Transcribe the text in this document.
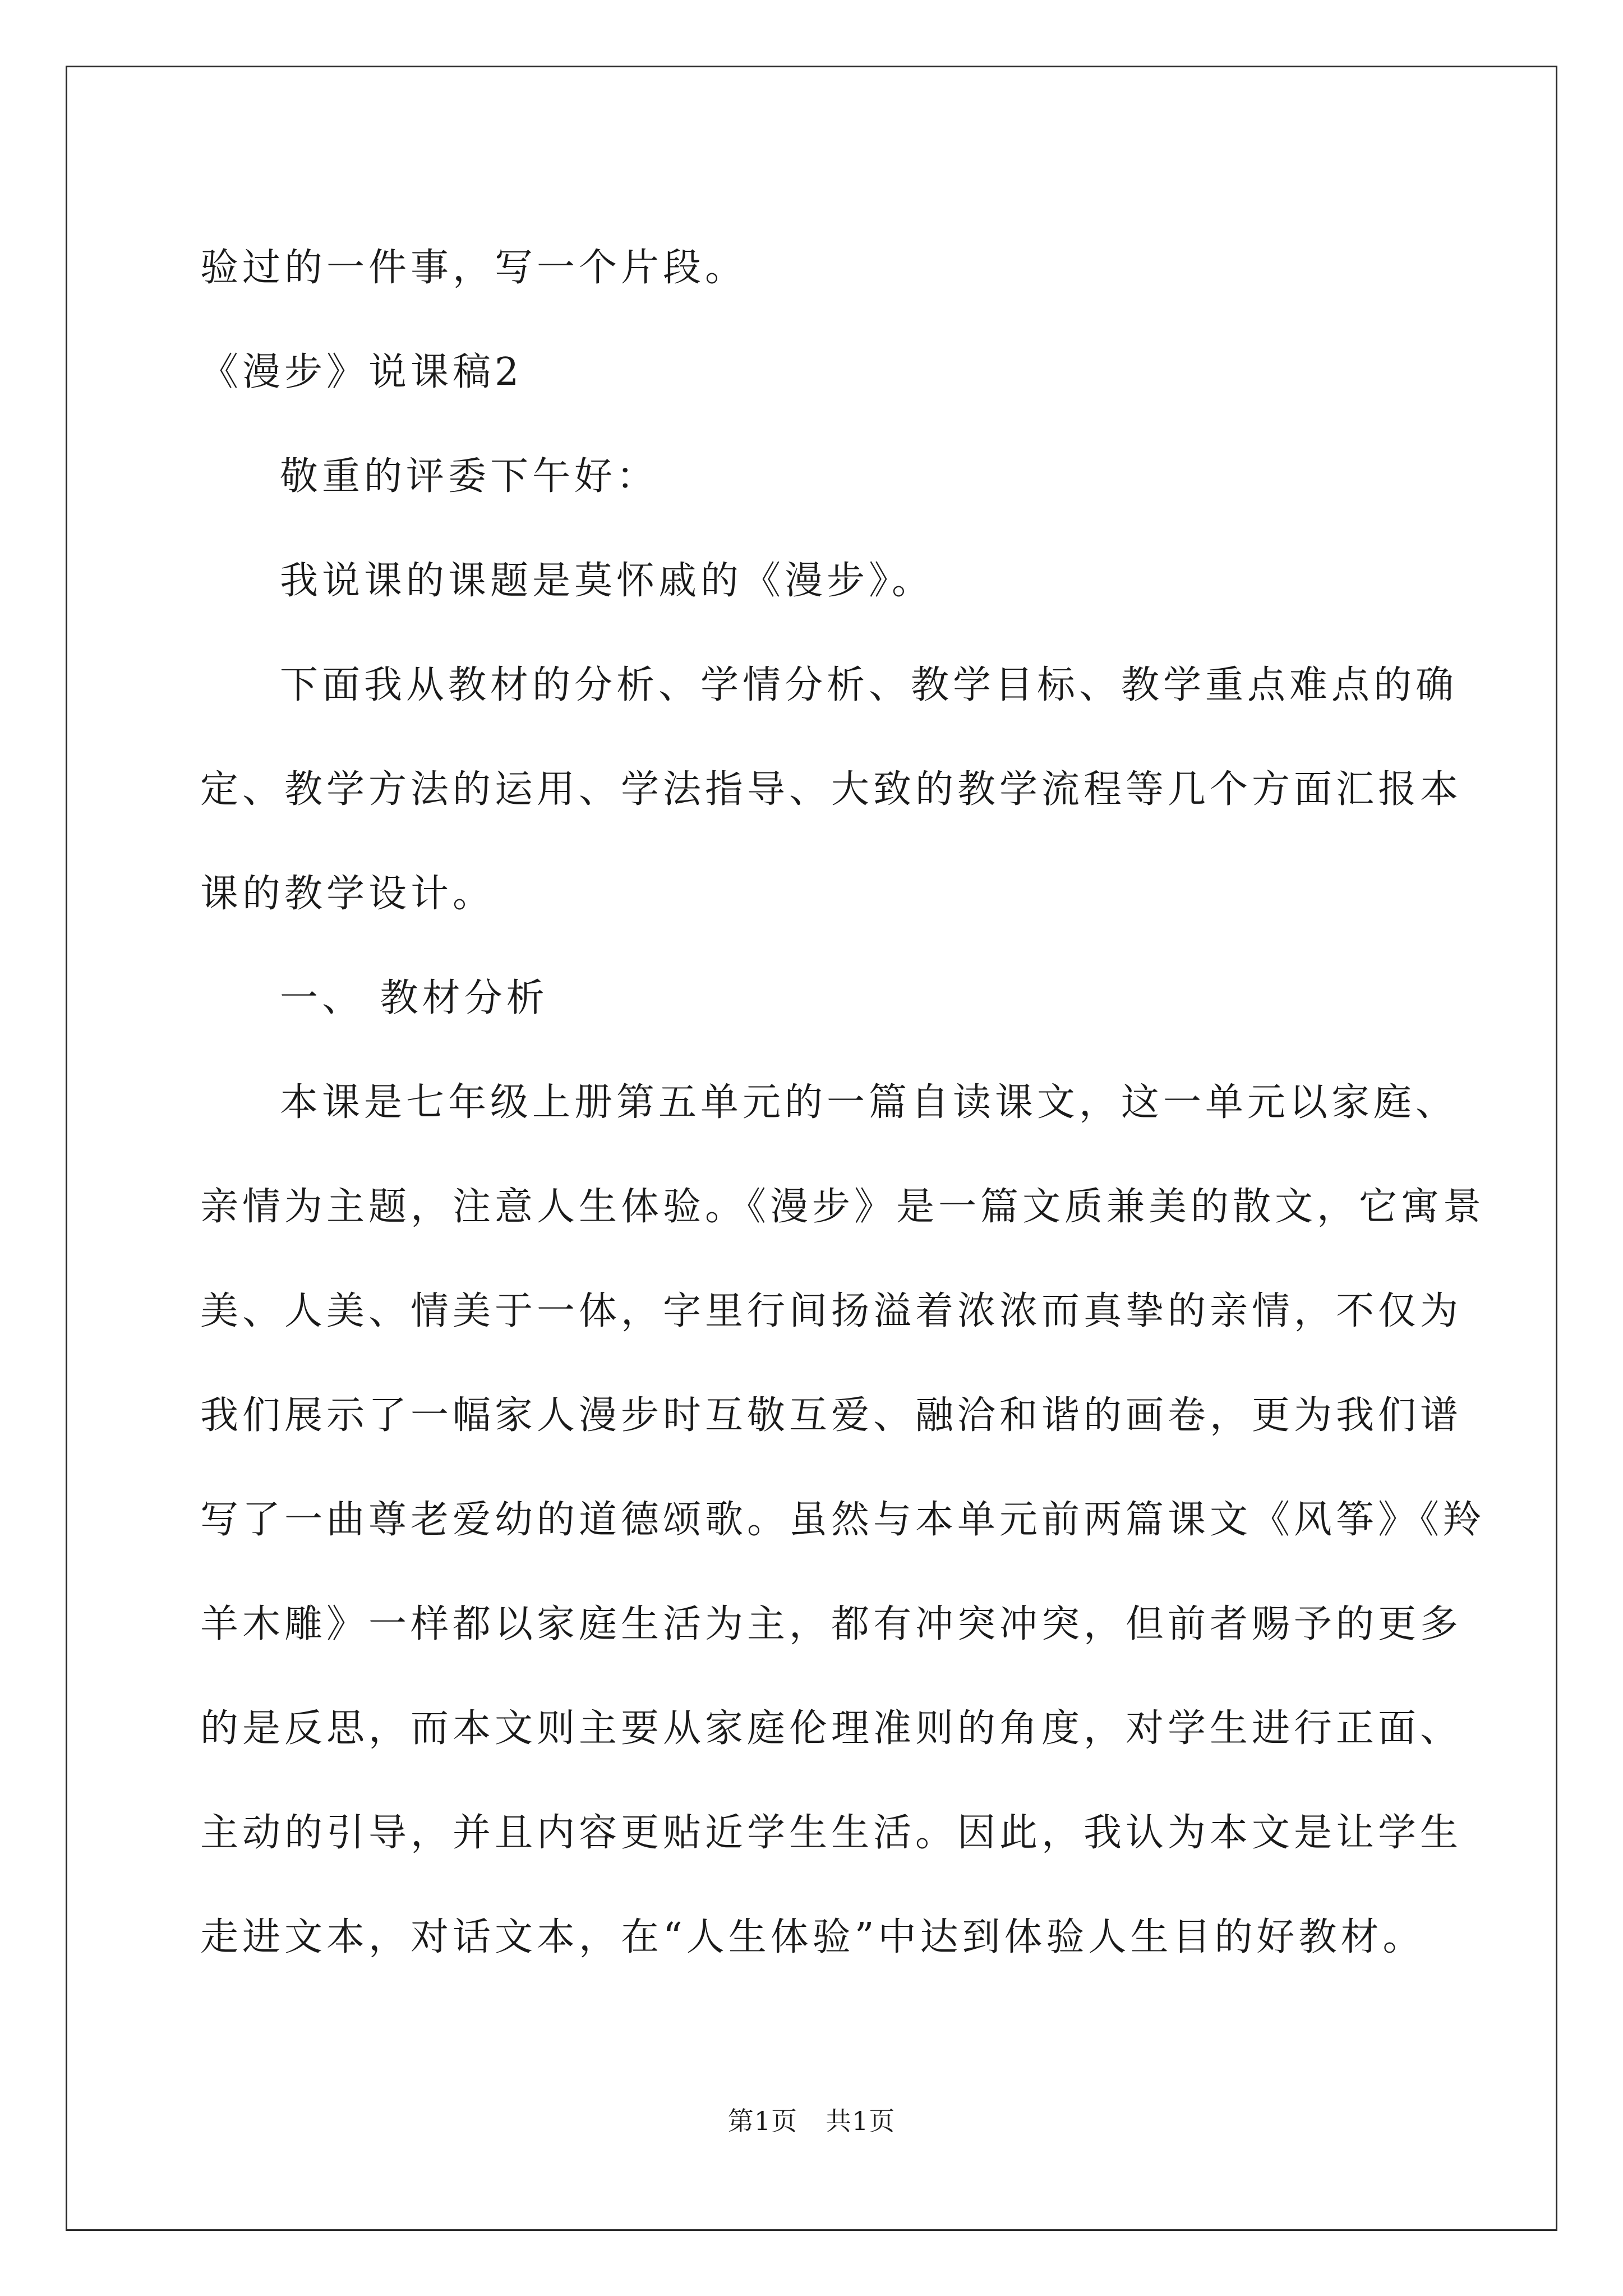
验过的一件事，写一个片段。
《漫步》说课稿2
敬重的评委下午好：
我说课的课题是莫怀戚的《漫步》。
下面我从教材的分析、学情分析、教学目标、教学重点难点的确
定、教学方法的运用、学法指导、大致的教学流程等几个方面汇报本
课的教学设计。
一、 教材分析
本课是七年级上册第五单元的一篇自读课文，这一单元以家庭、
亲情为主题，注意人生体验。《漫步》是一篇文质兼美的散文，它寓景
美、人美、情美于一体，字里行间扬溢着浓浓而真挚的亲情，不仅为
我们展示了一幅家人漫步时互敬互爱、融洽和谐的画卷，更为我们谱
写了一曲尊老爱幼的道德颂歌。虽然与本单元前两篇课文《风筝》《羚
羊木雕》一样都以家庭生活为主，都有冲突冲突，但前者赐予的更多
的是反思，而本文则主要从家庭伦理准则的角度，对学生进行正面、
主动的引导，并且内容更贴近学生生活。因此，我认为本文是让学生
走进文本，对话文本，在“人生体验”中达到体验人生目的好教材。
第1页 共1页
